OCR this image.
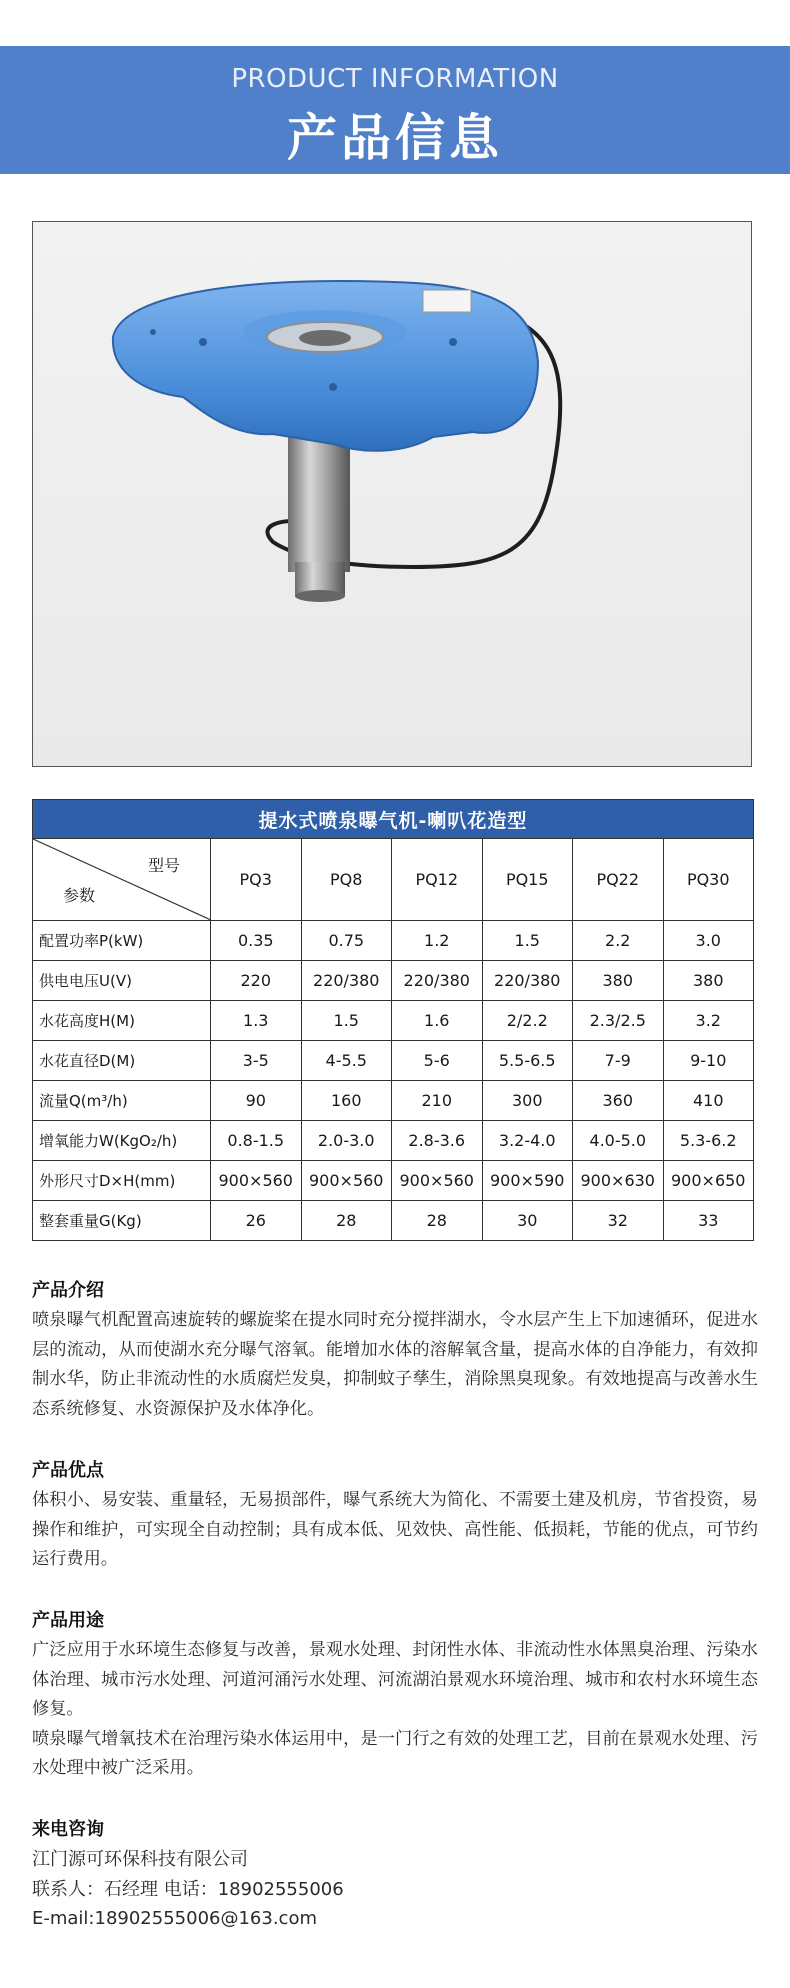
PRODUCT INFORMATION
产品信息
提水式喷泉曝气机-喇叭花造型						

型号
参数	PQ3	PQ8	PQ12	PQ15	PQ22	PQ30
配置功率P(kW)	0.35	0.75	1.2	1.5	2.2	3.0
供电电压U(V)	220	220/380	220/380	220/380	380	380
水花高度H(M)	1.3	1.5	1.6	2/2.2	2.3/2.5	3.2
水花直径D(M)	3-5	4-5.5	5-6	5.5-6.5	7-9	9-10
流量Q(m³/h)	90	160	210	300	360	410
增氧能力W(KgO₂/h)	0.8-1.5	2.0-3.0	2.8-3.6	3.2-4.0	4.0-5.0	5.3-6.2
外形尺寸D×H(mm)	900×560	900×560	900×560	900×590	900×630	900×650
整套重量G(Kg)	26	28	28	30	32	33
产品介绍

喷泉曝气机配置高速旋转的螺旋桨在提水同时充分搅拌湖水，令水层产生上下加速循环，促进水层的流动，从而使湖水充分曝气溶氧。能增加水体的溶解氧含量，提高水体的自净能力，有效抑制水华，防止非流动性的水质腐烂发臭，抑制蚊子孳生，消除黑臭现象。有效地提高与改善水生态系统修复、水资源保护及水体净化。

产品优点

体积小、易安装、重量轻，无易损部件，曝气系统大为简化、不需要土建及机房，节省投资，易操作和维护，可实现全自动控制；具有成本低、见效快、高性能、低损耗，节能的优点，可节约运行费用。

产品用途

广泛应用于水环境生态修复与改善，景观水处理、封闭性水体、非流动性水体黑臭治理、污染水体治理、城市污水处理、河道河涌污水处理、河流湖泊景观水环境治理、城市和农村水环境生态修复。

喷泉曝气增氧技术在治理污染水体运用中，是一门行之有效的处理工艺，目前在景观水处理、污水处理中被广泛采用。

来电咨询
江门源可环保科技有限公司
联系人：石经理 电话：18902555006
E-mail:18902555006@163.com
